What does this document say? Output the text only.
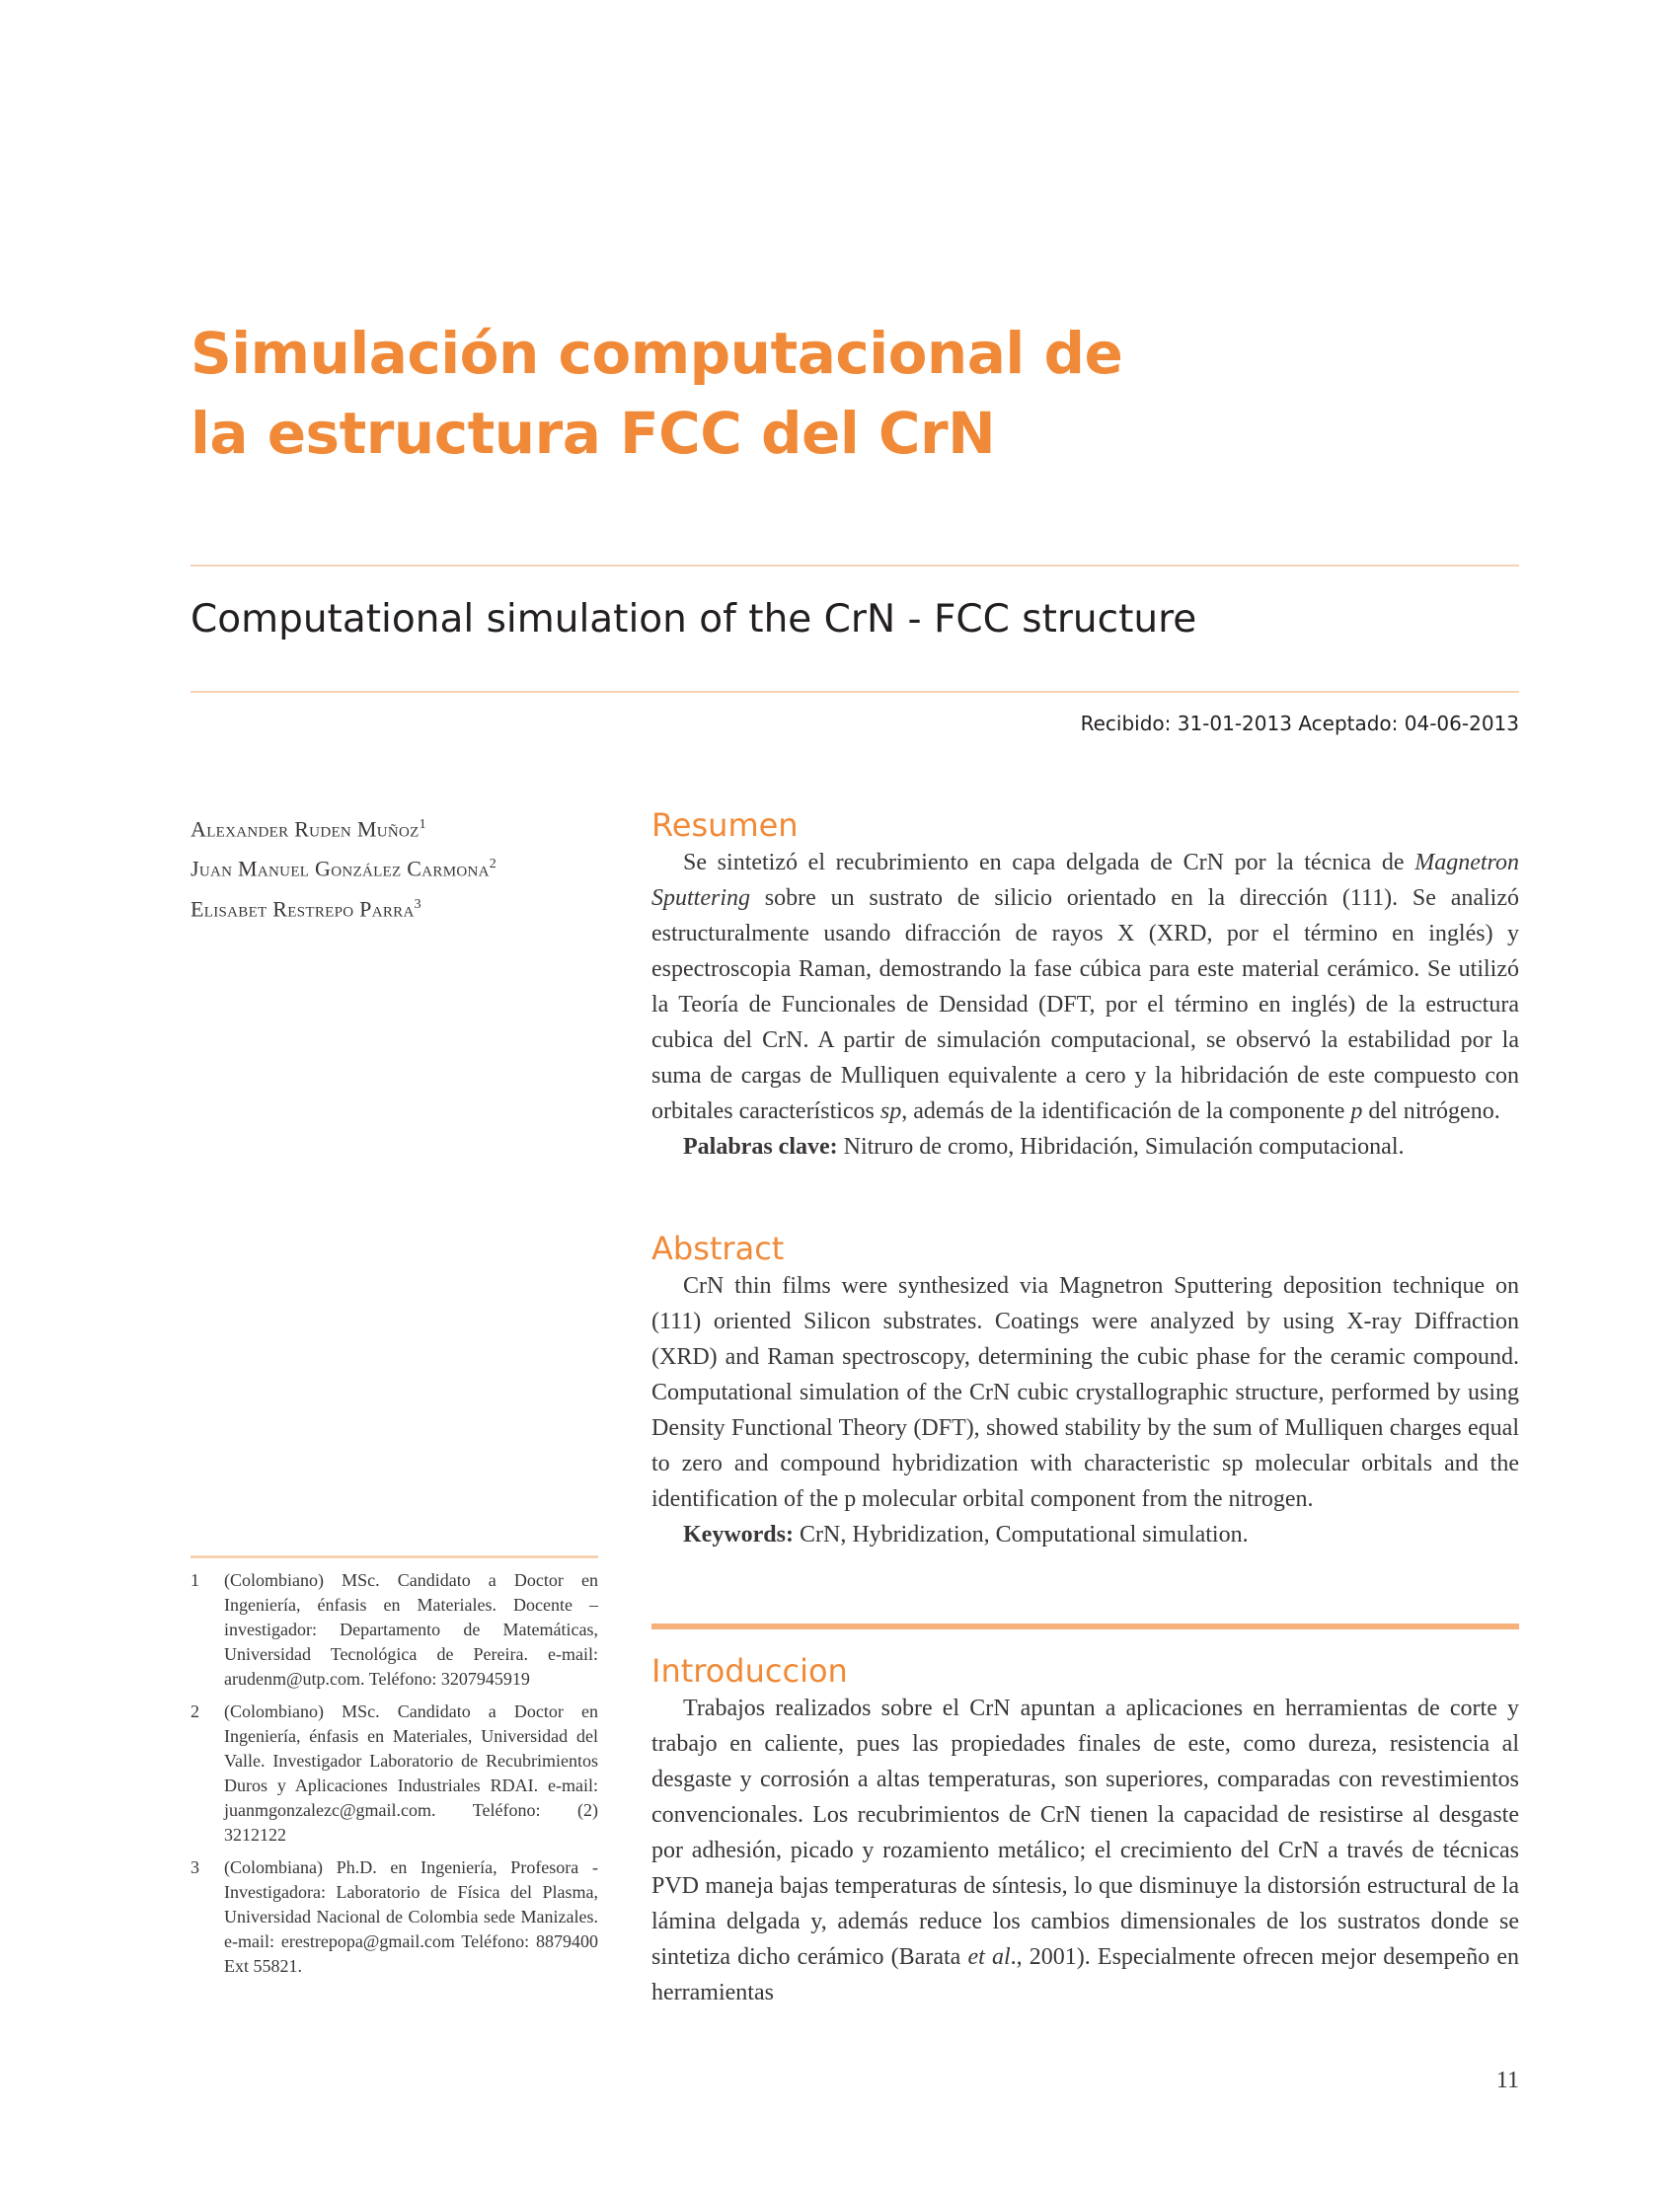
Simulación computacional de
la estructura FCC del CrN
Computational simulation of the CrN - FCC structure
Recibido: 31-01-2013 Aceptado: 04-06-2013
Alexander Ruden Muñoz$^1$
Juan Manuel González Carmona$^2$
Elisabet Restrepo Parra$^3$
1 (Colombiano) MSc. Candidato a Doctor en Ingeniería, énfasis en Materiales. Docente – investigador: Departamento de Matemáticas, Universidad Tecnológica de Pereira. e-mail: arudenm@utp.com. Teléfono: 3207945919
2 (Colombiano) MSc. Candidato a Doctor en Ingeniería, énfasis en Materiales, Universidad del Valle. Investigador Laboratorio de Recubrimientos Duros y Aplicaciones Industriales RDAI. e-mail: juanmgonzalezc@gmail.com. Teléfono: (2) 3212122
3 (Colombiana) Ph.D. en Ingeniería, Profesora - Investigadora: Laboratorio de Física del Plasma, Universidad Nacional de Colombia sede Manizales. e-mail: erestrepopa@gmail.com Teléfono: 8879400 Ext 55821.
Resumen

Se sintetizó el recubrimiento en capa delgada de CrN por la técnica de Magnetron Sputtering sobre un sustrato de silicio orientado en la dirección (111). Se analizó estructuralmente usando difracción de rayos X (XRD, por el término en inglés) y espectroscopia Raman, demostrando la fase cúbica para este material cerámico. Se utilizó la Teoría de Funcionales de Densidad (DFT, por el término en inglés) de la estructura cubica del CrN. A partir de simulación computacional, se observó la estabilidad por la suma de cargas de Mulliquen equivalente a cero y la hibridación de este compuesto con orbitales característicos sp, además de la identificación de la componente p del nitrógeno.

Palabras clave: Nitruro de cromo, Hibridación, Simulación computacional.

Abstract

CrN thin films were synthesized via Magnetron Sputtering deposition technique on (111) oriented Silicon substrates. Coatings were analyzed by using X-ray Diffraction (XRD) and Raman spectroscopy, determining the cubic phase for the ceramic compound. Computational simulation of the CrN cubic crystallographic structure, performed by using Density Functional Theory (DFT), showed stability by the sum of Mulliquen charges equal to zero and compound hybridization with characteristic sp molecular orbitals and the identification of the p molecular orbital component from the nitrogen.

Keywords: CrN, Hybridization, Computational simulation.

Introduccion

Trabajos realizados sobre el CrN apuntan a aplicaciones en herramientas de corte y trabajo en caliente, pues las propiedades finales de este, como dureza, resistencia al desgaste y corrosión a altas temperaturas, son superiores, comparadas con revestimientos convencionales. Los recubrimientos de CrN tienen la capacidad de resistirse al desgaste por adhesión, picado y rozamiento metálico; el crecimiento del CrN a través de técnicas PVD maneja bajas temperaturas de síntesis, lo que disminuye la distorsión estructural de la lámina delgada y, además reduce los cambios dimensionales de los sustratos donde se sintetiza dicho cerámico (Barata et al., 2001). Especialmente ofrecen mejor desempeño en herramientas

11
